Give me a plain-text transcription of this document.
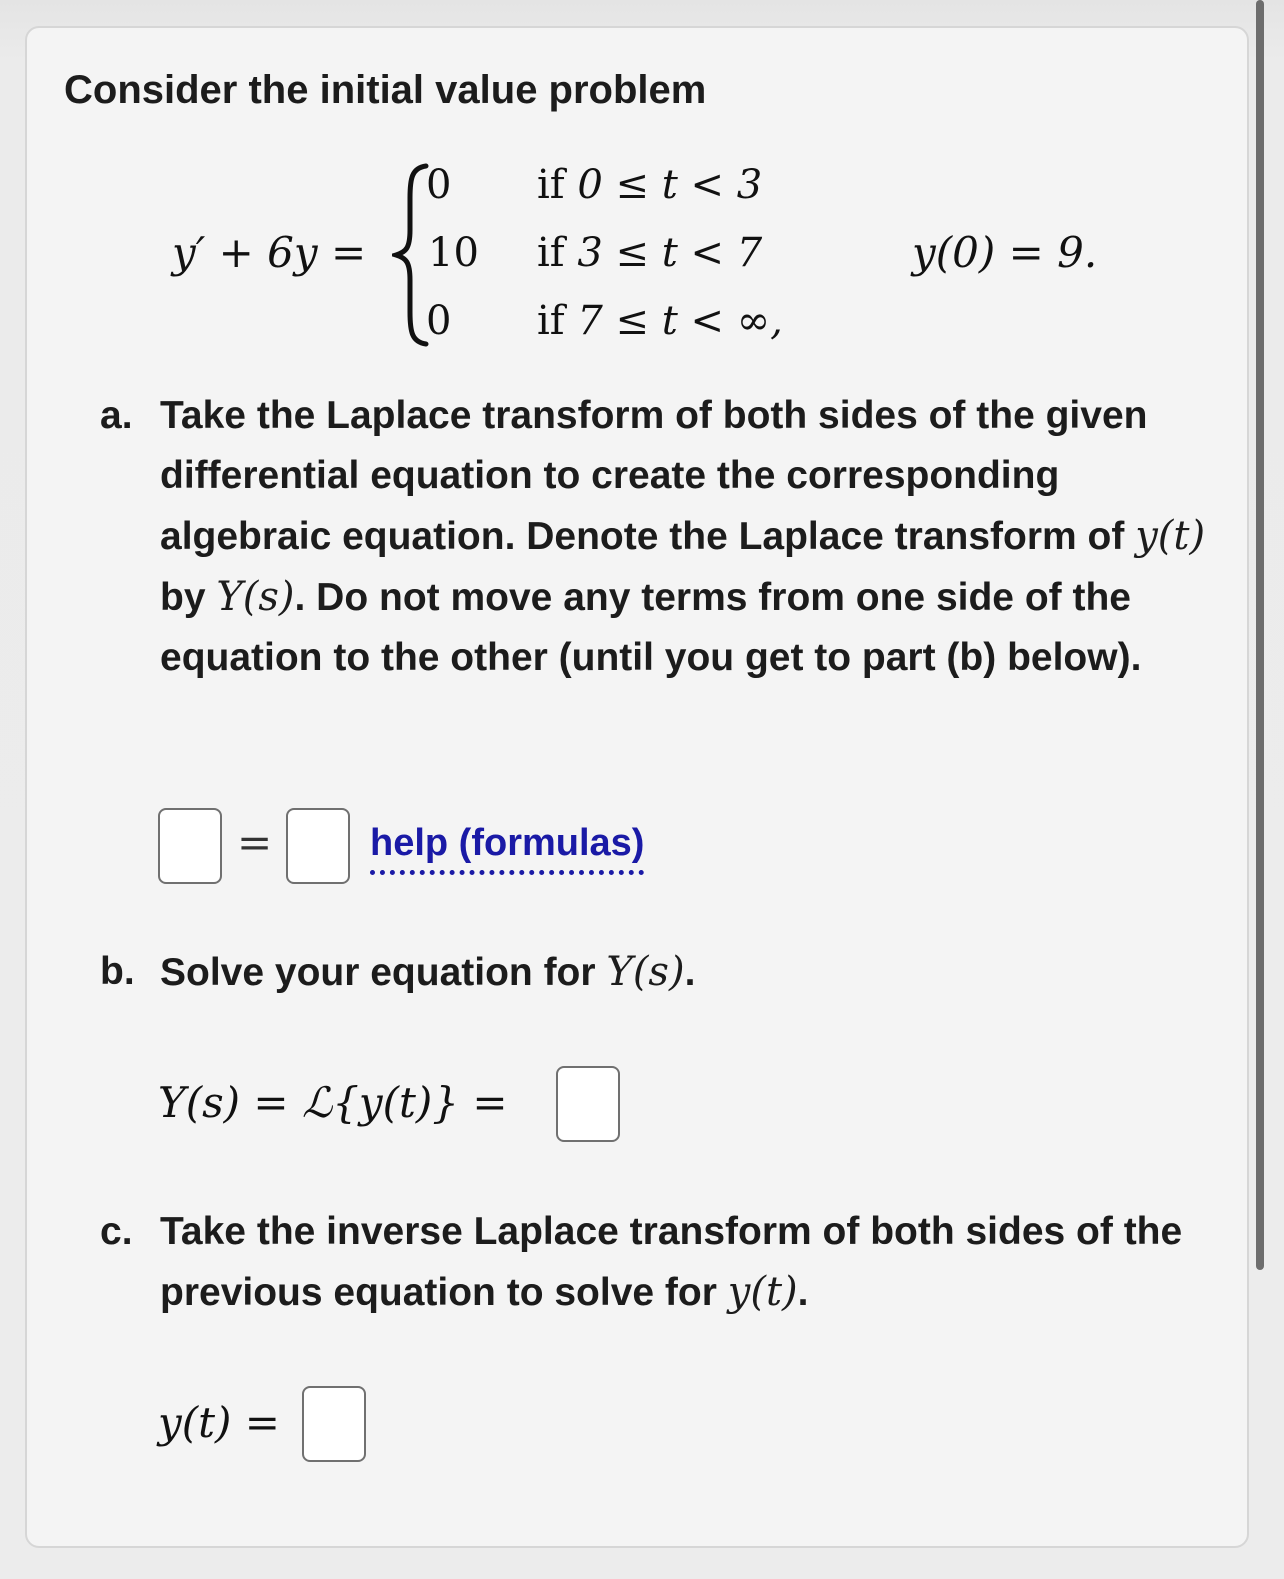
Consider the initial value problem

y′ + 6y =
0
10
0
if 0 ≤ t < 3
if 3 ≤ t < 7
if 7 ≤ t < ∞,
y(0) = 9.
a. Take the Laplace transform of both sides of the given differential equation to create the corresponding algebraic equation. Denote the Laplace transform of y(t) by Y(s). Do not move any terms from one side of the equation to the other (until you get to part (b) below).
=	help (formulas)
b. Solve your equation for Y(s).
Y(s) = ℒ{y(t)} =
c. Take the inverse Laplace transform of both sides of the previous equation to solve for y(t).
y(t) =
